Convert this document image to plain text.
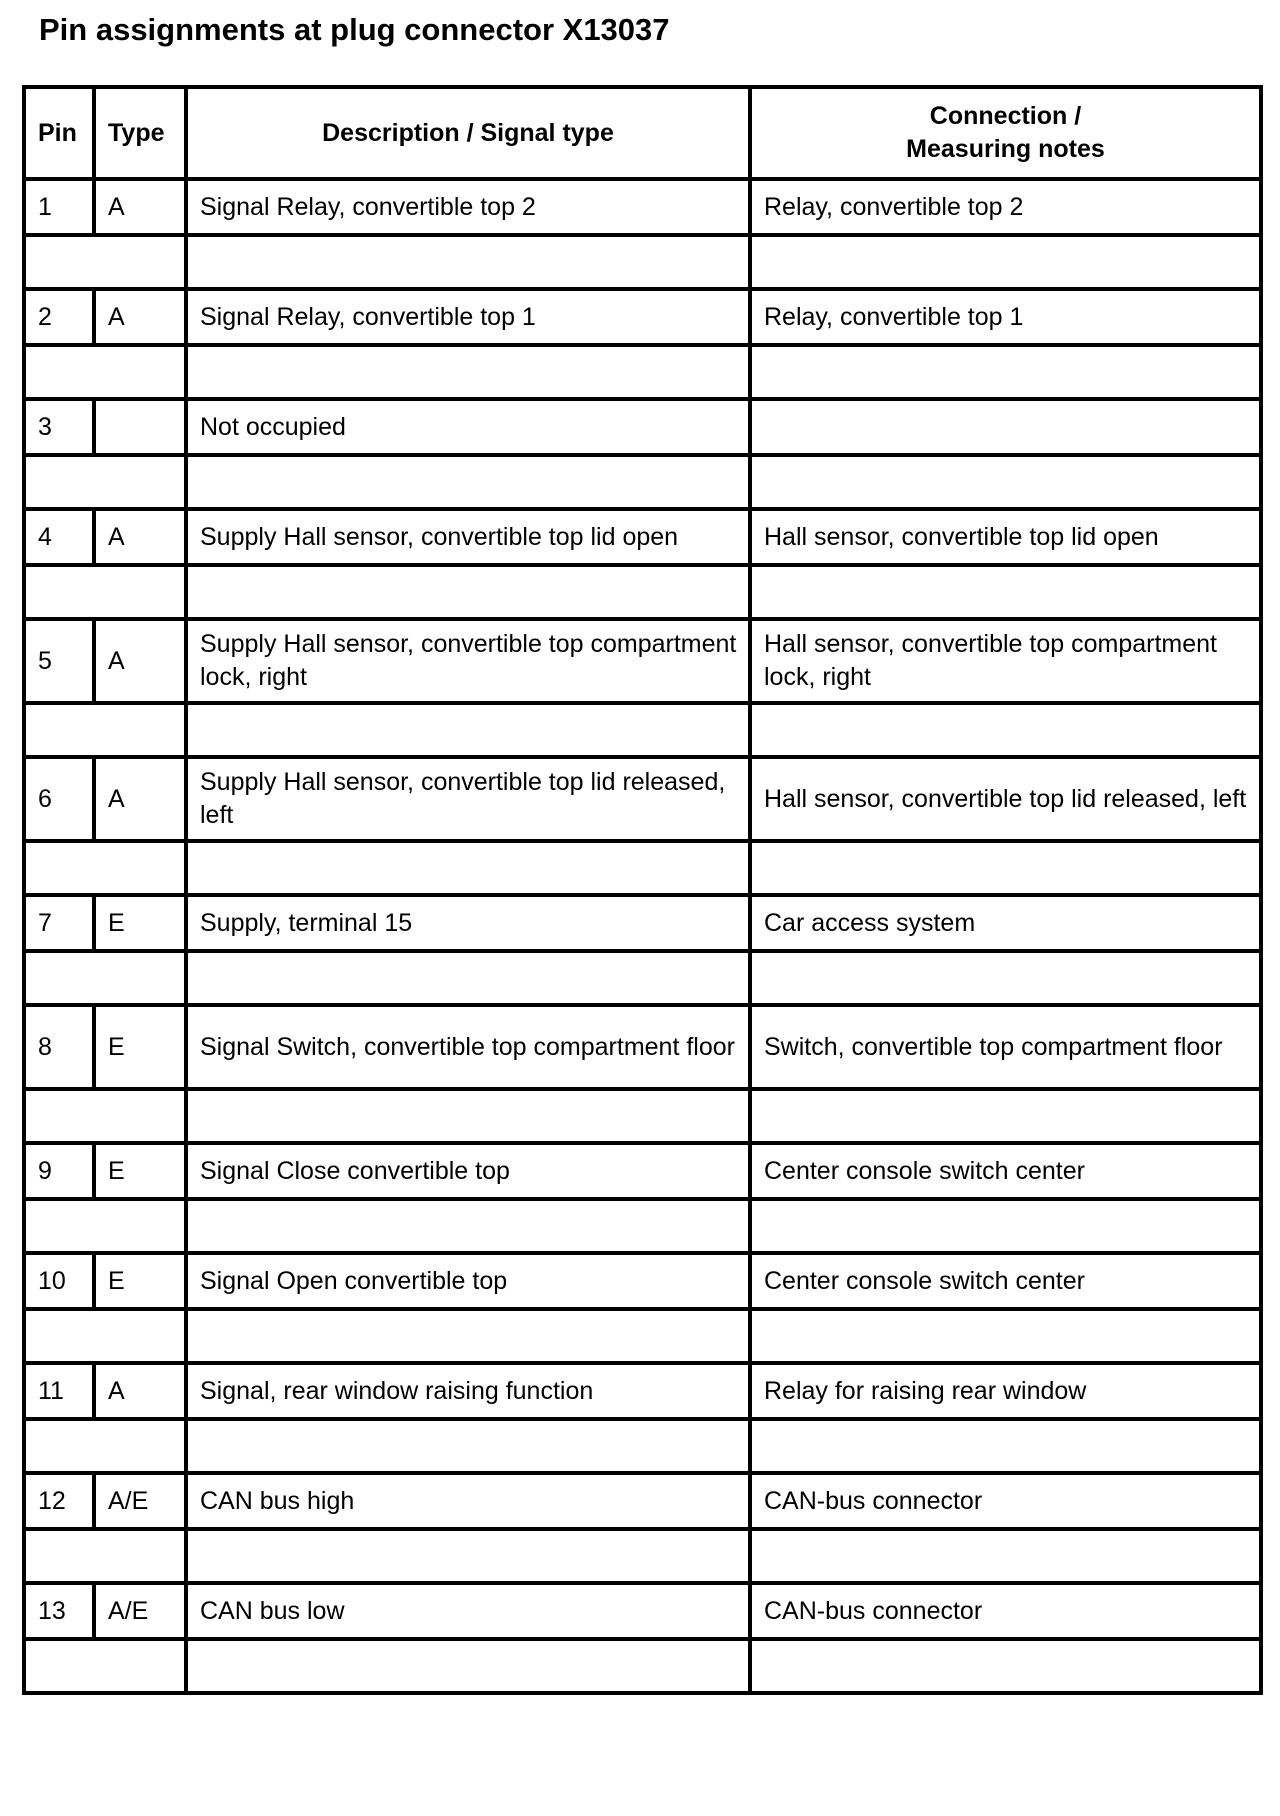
Pin assignments at plug connector X13037
Pin	Type	Description / Signal type	Connection /
Measuring notes
1	A	Signal Relay, convertible top 2	Relay, convertible top 2

2	A	Signal Relay, convertible top 1	Relay, convertible top 1

3		Not occupied	

4	A	Supply Hall sensor, convertible top lid open	Hall sensor, convertible top lid open

5	A	Supply Hall sensor, convertible top compartment lock, right	Hall sensor, convertible top compartment lock, right

6	A	Supply Hall sensor, convertible top lid released, left	Hall sensor, convertible top lid released, left

7	E	Supply, terminal 15	Car access system

8	E	Signal Switch, convertible top compartment floor	Switch, convertible top compartment floor

9	E	Signal Close convertible top	Center console switch center

10	E	Signal Open convertible top	Center console switch center

11	A	Signal, rear window raising function	Relay for raising rear window

12	A/E	CAN bus high	CAN-bus connector

13	A/E	CAN bus low	CAN-bus connector
